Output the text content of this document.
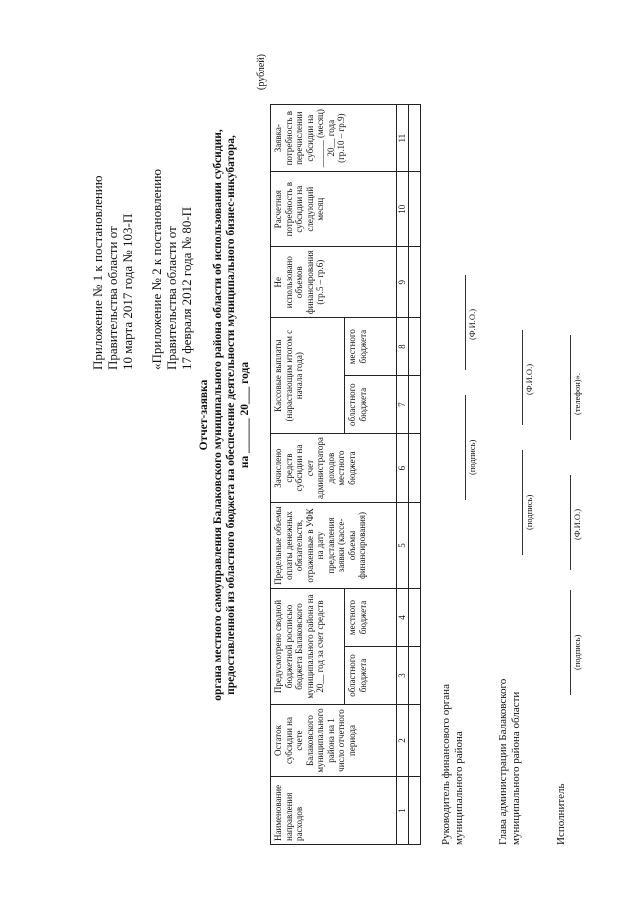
Приложение № 1 к постановлению Правительства области от 10 марта 2017 года № 103-П «Приложение № 2 к постановлению Правительства области от 17 февраля 2012 года № 80-П
Отчет-заявка органа местного самоуправления Балаковского муниципального района области об использовании субсидии, предоставленной из областного бюджета на обеспечение деятельности муниципального бизнес-инкубатора, на ______ 20___ года
(рублей)
Наименование направления расходов	Остаток субсидии на счете Балаковского муниципального района на 1 число отчетного периода	Предусмотрено сводной бюджетной росписью бюджета Балаковского муниципального района на 20__ год за счет средств		Предельные объемы оплаты денежных обязательств, отраженные в УФК на дату представления заявки (кассе-объемы финансирования)	Зачислено средств субсидии на счет администратора доходов местного бюджета	Кассовые выплаты (нарастающим итогом с начала года)		Не использовано объемов финансирования (гр.5 – гр.6)	Расчетная потребность в субсидии на следующий месяц	Заявка-потребность в перечислении субсидии на ______ (месяц) 20__ года (гр.10 – гр.9)
		областного бюджета	местного бюджета			областного бюджета	местного бюджета			
1	2	3	4	5	6	7	8	9	10	11

Руководитель финансового органа муниципального района
(подпись)
(Ф.И.О.)
Глава администрации Балаковского муниципального района области
(подпись)
(Ф.И.О.)
Исполнитель
(подпись)
(Ф.И.О.)
(телефон)».
